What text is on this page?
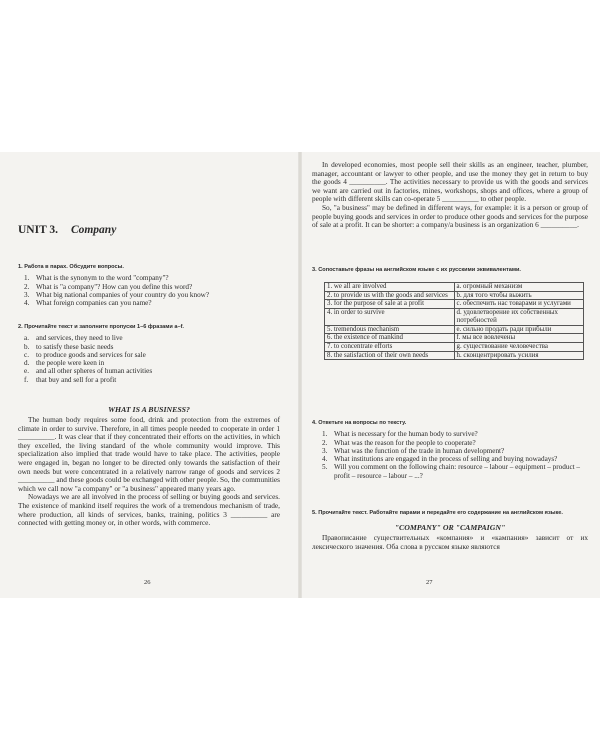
UNIT 3. Company

1. Работа в парах. Обсудите вопросы.

1. What is the synonym to the word "company"?
2. What is "a company"? How can you define this word?
3. What big national companies of your country do you know?
4. What foreign companies can you name?

2. Прочитайте текст и заполните пропуски 1–6 фразами a–f.

a. and services, they need to live
b. to satisfy these basic needs
c. to produce goods and services for sale
d. the people were keen in
e. and all other spheres of human activities
f. that buy and sell for a profit

WHAT IS A BUSINESS?

The human body requires some food, drink and protection from the extremes of climate in order to survive. Therefore, in all times people needed to cooperate in order 1 __________. It was clear that if they concentrated their efforts on the activities, in which they excelled, the living standard of the whole community would improve. This specialization also implied that trade would have to take place. The activities, people were engaged in, began no longer to be directed only towards the satisfaction of their own needs but were concentrated in a relatively narrow range of goods and services 2 __________ and these goods could be exchanged with other people. So, the communities which we call now "a company" or "a business" appeared many years ago.

Nowadays we are all involved in the process of selling or buying goods and services. The existence of mankind itself requires the work of a tremendous mechanism of trade, where production, all kinds of services, banks, training, politics 3 __________ are connected with getting money or, in other words, with commerce.

26

In developed economies, most people sell their skills as an engineer, teacher, plumber, manager, accountant or lawyer to other people, and use the money they get in return to buy the goods 4 __________. The activities necessary to provide us with the goods and services we want are carried out in factories, mines, workshops, shops and offices, where a group of people with different skills can co-operate 5 __________ to other people.

So, "a business" may be defined in different ways, for example: it is a person or group of people buying goods and services in order to produce other goods and services for the purpose of sale at a profit. It can be shorter: a company/a business is an organization 6 __________.

3. Сопоставьте фразы на английском языке с их русскими эквивалентами.

1. we all are involved	a. огромный механизм
2. to provide us with the goods and services	b. для того чтобы выжить
3. for the purpose of sale at a profit	c. обеспечить нас товарами и услугами
4. in order to survive	d. удовлетворение их собственных потребностей
5. tremendous mechanism	e. сильно продать ради прибыли
6. the existence of mankind	f. мы все вовлечены
7. to concentrate efforts	g. существование человечества
8. the satisfaction of their own needs	h. сконцентрировать усилия

4. Ответьте на вопросы по тексту.

1. What is necessary for the human body to survive?
2. What was the reason for the people to cooperate?
3. What was the function of the trade in human development?
4. What institutions are engaged in the process of selling and buying nowadays?
5. Will you comment on the following chain: resource – labour – equipment – product – profit – resource – labour – ...?

5. Прочитайте текст. Работайте парами и передайте его содержание на английском языке.

"COMPANY" OR "CAMPAIGN"

Правописание существительных «компания» и «кампания» зависит от их лексического значения. Оба слова в русском языке являются

27
